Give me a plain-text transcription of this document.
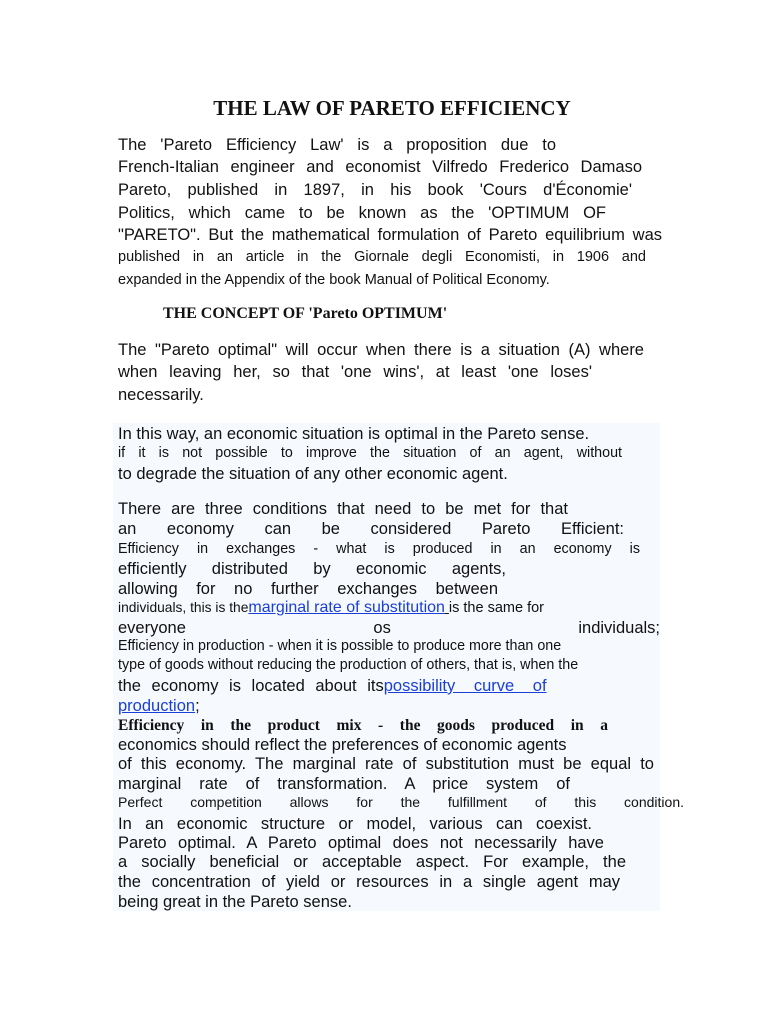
THE LAW OF PARETO EFFICIENCY
The 'Pareto Efficiency Law' is a proposition due to
French-Italian engineer and economist Vilfredo Frederico Damaso
Pareto, published in 1897, in his book 'Cours d'Économie'
Politics, which came to be known as the 'OPTIMUM OF
"PARETO". But the mathematical formulation of Pareto equilibrium was
published in an article in the Giornale degli Economisti, in 1906 and
expanded in the Appendix of the book Manual of Political Economy.
THE CONCEPT OF 'Pareto OPTIMUM'
The "Pareto optimal" will occur when there is a situation (A) where
when leaving her, so that 'one wins', at least 'one loses'
necessarily.
In this way, an economic situation is optimal in the Pareto sense.
if it is not possible to improve the situation of an agent, without
to degrade the situation of any other economic agent.
There are three conditions that need to be met for that
an economy can be considered Pareto Efficient:
Efficiency in exchanges - what is produced in an economy is
efficiently distributed by economic agents,
allowing for no further exchanges between
individuals, this is themarginal rate of substitution is the same for
everyone os individuals;
Efficiency in production - when it is possible to produce more than one
type of goods without reducing the production of others, that is, when the
the economy is located about itspossibility curve of
production;
Efficiency in the product mix - the goods produced in a
economics should reflect the preferences of economic agents
of this economy. The marginal rate of substitution must be equal to
marginal rate of transformation. A price system of
Perfect competition allows for the fulfillment of this condition.
In an economic structure or model, various can coexist.
Pareto optimal. A Pareto optimal does not necessarily have
a socially beneficial or acceptable aspect. For example, the
the concentration of yield or resources in a single agent may
being great in the Pareto sense.
